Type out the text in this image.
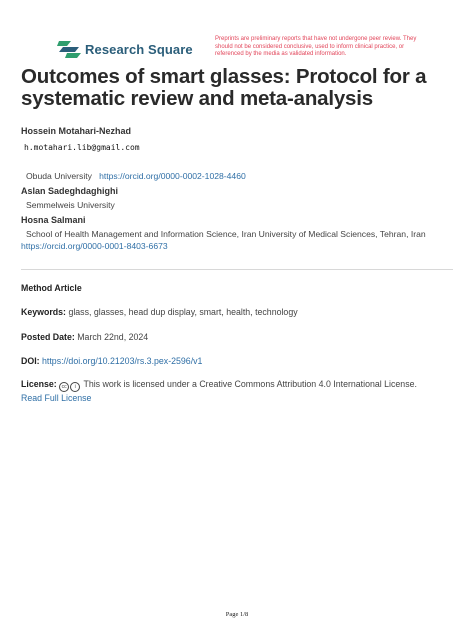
Research Square
Preprints are preliminary reports that have not undergone peer review. They should not be considered conclusive, used to inform clinical practice, or referenced by the media as validated information.
Outcomes of smart glasses: Protocol for a systematic review and meta-analysis
Hossein Motahari-Nezhad
h.motahari.lib@gmail.com
Obuda University https://orcid.org/0000-0002-1028-4460
Aslan Sadeghdaghighi
Semmelweis University
Hosna Salmani
School of Health Management and Information Science, Iran University of Medical Sciences, Tehran, Iran   https://orcid.org/0000-0001-8403-6673
Method Article
Keywords: glass, glasses, head dup display, smart, health, technology
Posted Date: March 22nd, 2024
DOI: https://doi.org/10.21203/rs.3.pex-2596/v1
License: cc i This work is licensed under a Creative Commons Attribution 4.0 International License.
Read Full License
Page 1/8
